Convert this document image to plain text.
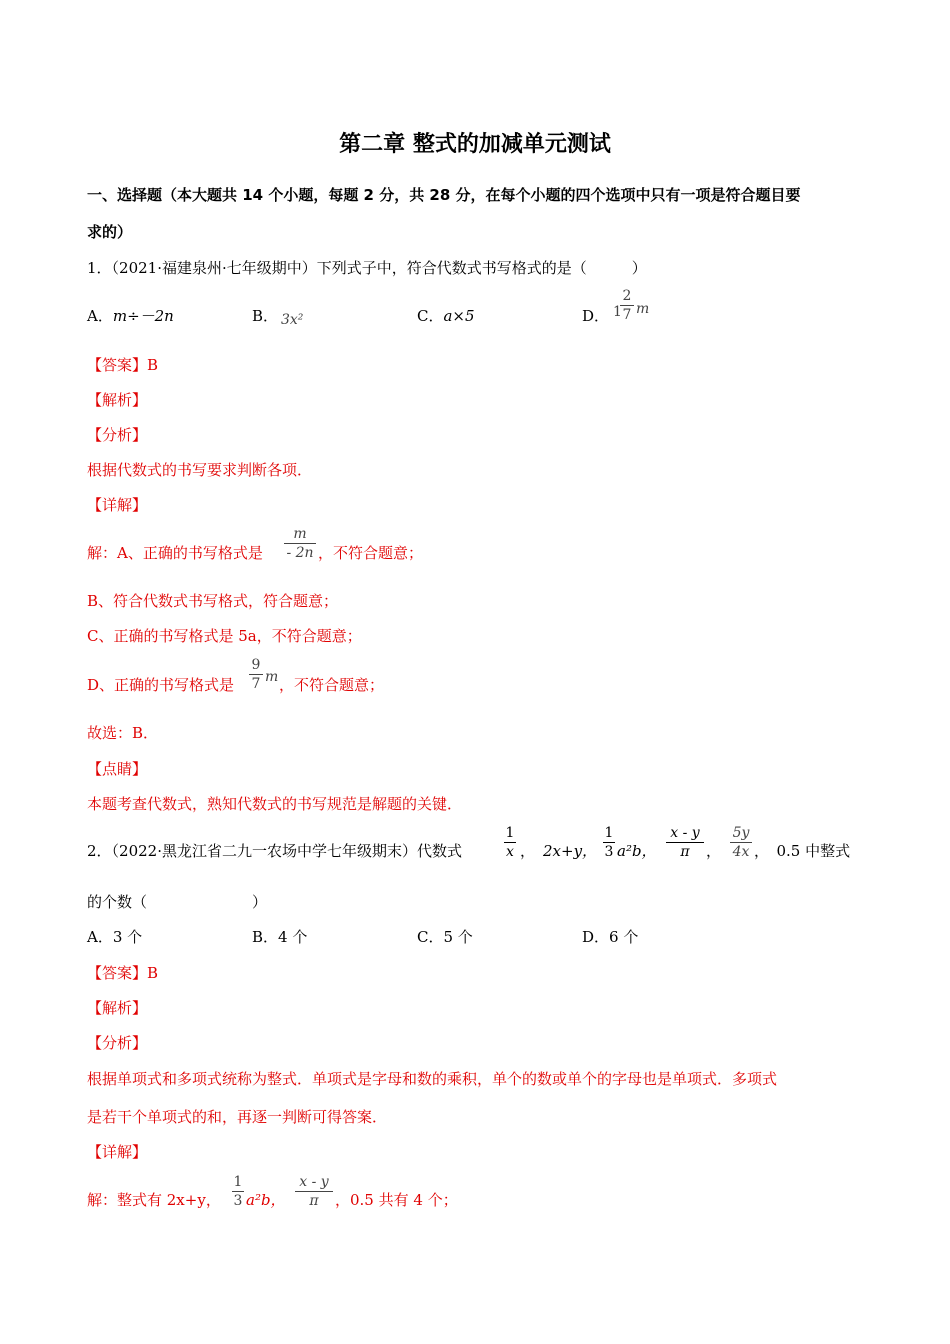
第二章 整式的加减单元测试
一、选择题（本大题共 14 个小题，每题 2 分，共 28 分，在每个小题的四个选项中只有一项是符合题目要
求的）
1．（2021·福建泉州·七年级期中）下列式子中，符合代数式书写格式的是（　　　）
A．m÷－2n	B． 3x²	C．a×5	D． 1
2
7 m
【答案】B
【解析】
【分析】
根据代数式的书写要求判断各项．
【详解】
解：A、正确的书写格式是
m
- 2n ，不符合题意；
B、符合代数式书写格式，符合题意；
C、正确的书写格式是 5a，不符合题意；
D、正确的书写格式是
9
7 m ，不符合题意；
故选：B．
【点睛】
本题考查代数式，熟知代数式的书写规范是解题的关键．
2．（2022·黑龙江省二九一农场中学七年级期末）代数式
1
x ， 2x+y，
1
3 a²b，
x - y
π	，
5y
4x ，　0.5 中整式
的个数（　　　　　　　）
A．3 个	B．4 个	C．5 个	D．6 个
【答案】B
【解析】
【分析】
根据单项式和多项式统称为整式．单项式是字母和数的乘积，单个的数或单个的字母也是单项式．多项式
是若干个单项式的和，再逐一判断可得答案．
【详解】
解：整式有 2x+y，
1
3 a²b，
x - y
π	，0.5 共有 4 个；
